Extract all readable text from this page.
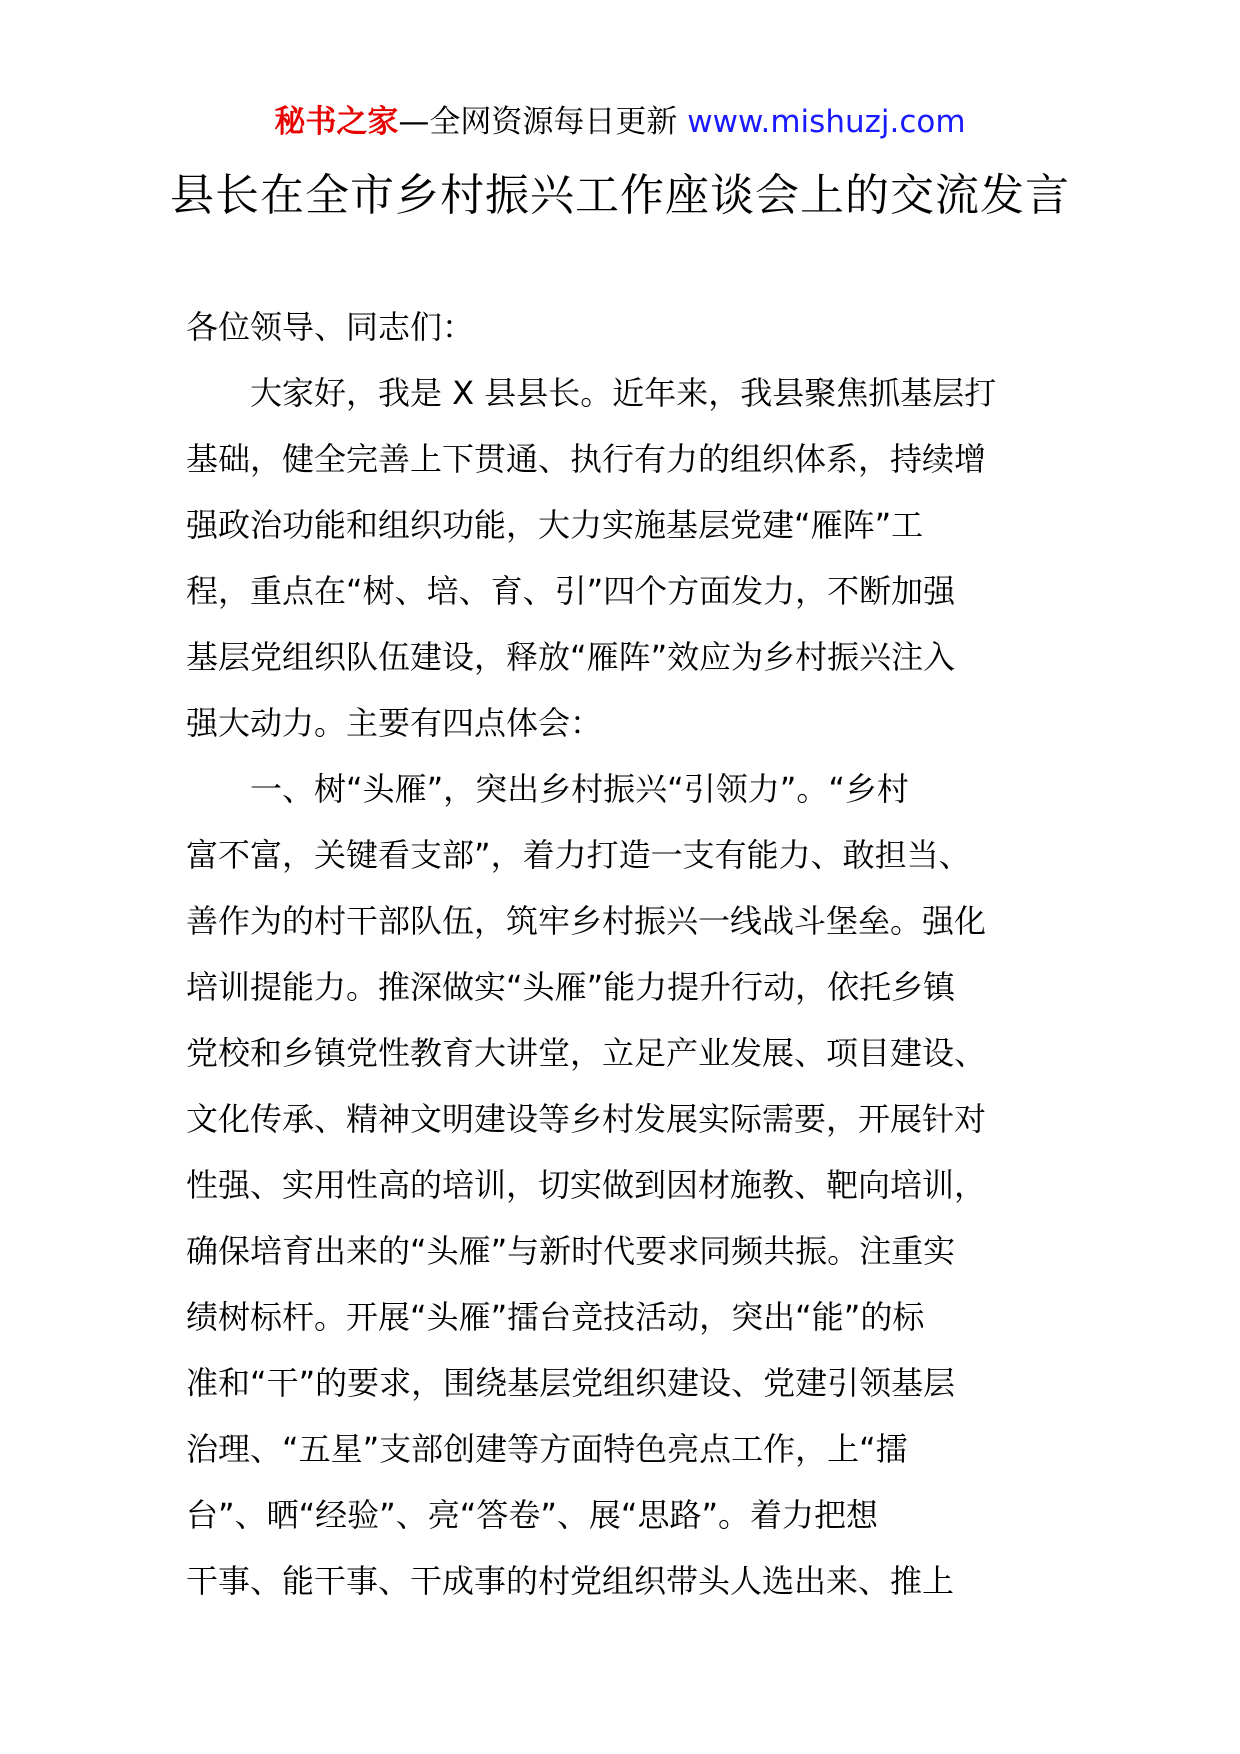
秘书之家—全网资源每日更新 www.mishuzj.com
县长在全市乡村振兴工作座谈会上的交流发言

各位领导、同志们：

大家好，我是 X 县县长。近年来，我县聚焦抓基层打
基础，健全完善上下贯通、执行有力的组织体系，持续增
强政治功能和组织功能，大力实施基层党建“雁阵”工
程，重点在“树、培、育、引”四个方面发力，不断加强
基层党组织队伍建设，释放“雁阵”效应为乡村振兴注入
强大动力。主要有四点体会：
一、树“头雁”，突出乡村振兴“引领力”。“乡村
富不富，关键看支部”，着力打造一支有能力、敢担当、
善作为的村干部队伍，筑牢乡村振兴一线战斗堡垒。强化
培训提能力。推深做实“头雁”能力提升行动，依托乡镇
党校和乡镇党性教育大讲堂，立足产业发展、项目建设、
文化传承、精神文明建设等乡村发展实际需要，开展针对
性强、实用性高的培训，切实做到因材施教、靶向培训，
确保培育出来的“头雁”与新时代要求同频共振。注重实
绩树标杆。开展“头雁”擂台竞技活动，突出“能”的标
准和“干”的要求，围绕基层党组织建设、党建引领基层
治理、“五星”支部创建等方面特色亮点工作，上“擂
台”、晒“经验”、亮“答卷”、展“思路”。着力把想
干事、能干事、干成事的村党组织带头人选出来、推上
